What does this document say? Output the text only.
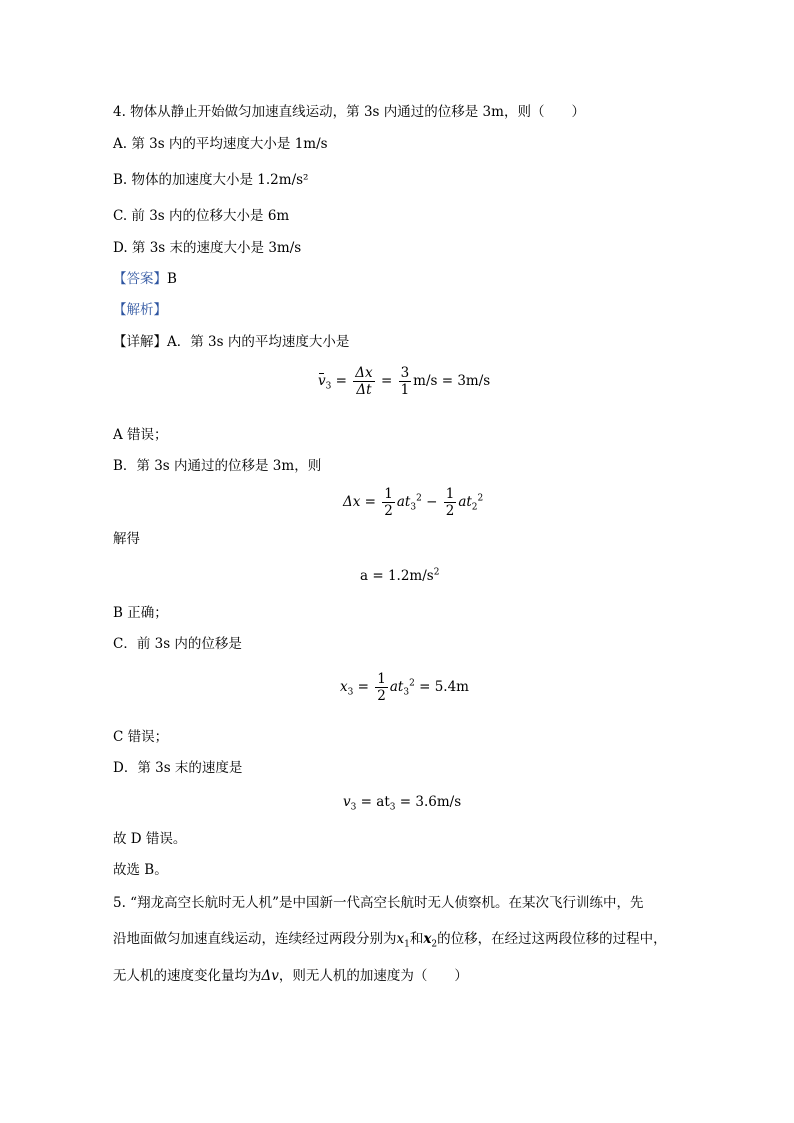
4. 物体从静止开始做匀加速直线运动，第 3s 内通过的位移是 3m，则（　　）
A. 第 3s 内的平均速度大小是 1m/s
B. 物体的加速度大小是 1.2m/s²
C. 前 3s 内的位移大小是 6m
D. 第 3s 末的速度大小是 3m/s
【答案】B
【解析】
【详解】A．第 3s 内的平均速度大小是
$v_3 = \frac{\Delta x}{\Delta t} = \frac{3}{1} m/s = 3m/s$
A 错误；
B．第 3s 内通过的位移是 3m，则
$\Delta x = \frac{1}{2} at_3^2 - \frac{1}{2} at_2^2$
解得
$a = 1.2m/s^2$
B 正确；
C．前 3s 内的位移是
$x_3 = \frac{1}{2} at_3^2 = 5.4m$
C 错误；
D．第 3s 末的速度是
$v_3 = at_3 = 3.6m/s$
故 D 错误。
故选 B。
5. “翔龙高空长航时无人机”是中国新一代高空长航时无人侦察机。在某次飞行训练中，先
沿地面做匀加速直线运动，连续经过两段分别为$x_1$和$x_2$的位移，在经过这两段位移的过程中，
无人机的速度变化量均为Δv，则无人机的加速度为（　　）
